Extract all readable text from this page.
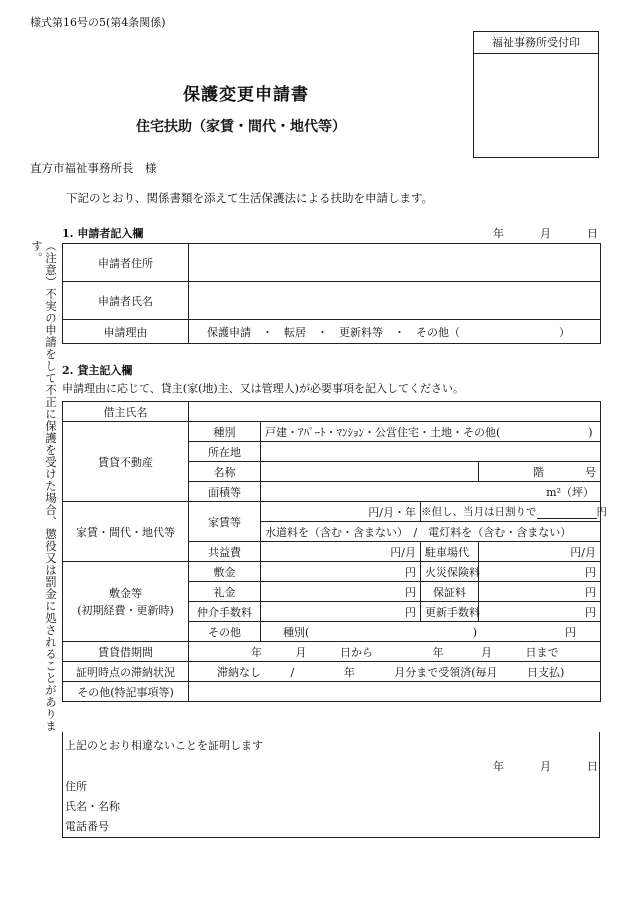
様式第16号の5(第4条関係)
福祉事務所受付印
保護変更申請書
住宅扶助（家賃・間代・地代等）
直方市福祉事務所長　様
下記のとおり、関係書類を添えて生活保護法による扶助を申請します。
1. 申請者記入欄	年	月	日
（注意）不実の申請をして不正に保護を受けた場合、懲役又は罰金に処されることがあります。	申請者住所	
申請者氏名	
申請理由	保護申請　・　転居　・　更新料等　・　その他（　　　　　　　　　）
2. 貸主記入欄
申請理由に応じて、貸主(家(地)主、又は管理人)が必要事項を記入してください。
借主氏名				
賃貸不動産	種別	戸建・ｱﾊﾟｰﾄ・ﾏﾝｼｮﾝ・公営住宅・土地・その他(　　　　　　　　)		
	所在地			
	名称			階 号

	面積等	m²（坪）		
家賃・間代・地代等	家賃等	円/月・年	※但し、当月は日割りで 円	
		水道料を（含む・含まない）　/　電灯料を（含む・含まない）		
	共益費	円/月	駐車場代	円/月

敷金等
(初期経費・更新時)	敷金	円	火災保険料	円
	礼金	円	保証料	円
	仲介手数料	円	更新手数料	円
	その他	種別( ) 円		

賃貸借期間	年 月 日から 年 月 日まで			
証明時点の滞納状況	滞納なし / 年 月分まで受領済(毎月 日支払)			
その他(特記事項等)				
上記のとおり相違ないことを証明します
年	月	日
住所
氏名・名称
電話番号
